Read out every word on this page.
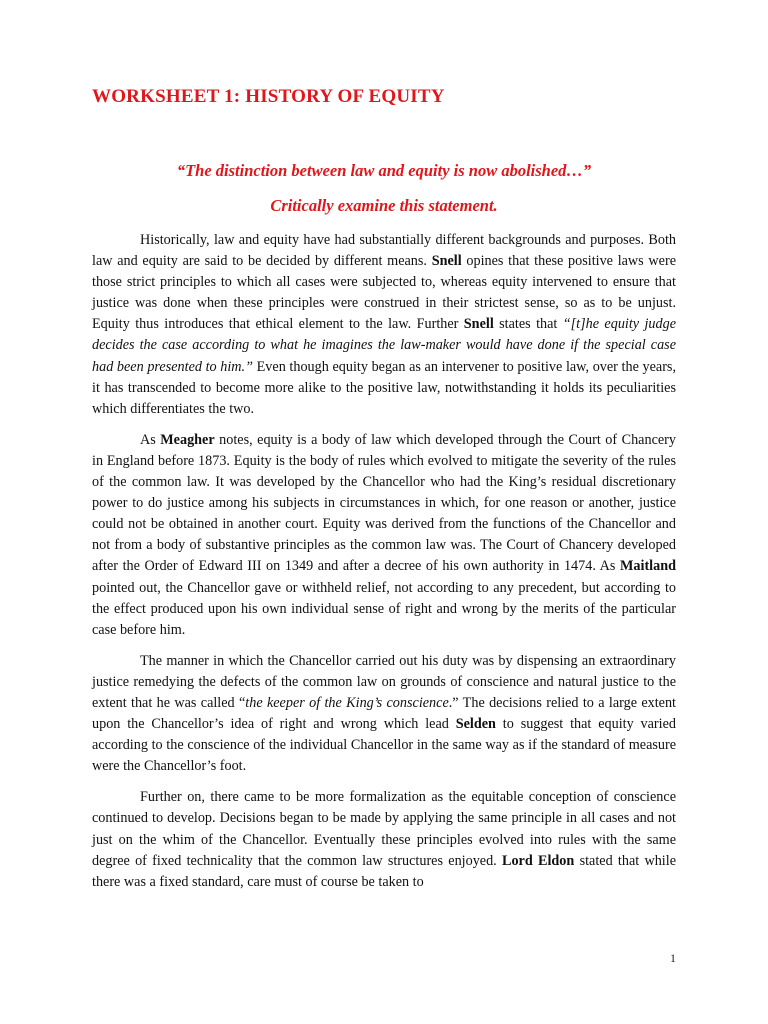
WORKSHEET 1: HISTORY OF EQUITY
“The distinction between law and equity is now abolished…”
Critically examine this statement.

Historically, law and equity have had substantially different backgrounds and purposes. Both law and equity are said to be decided by different means. Snell opines that these positive laws were those strict principles to which all cases were subjected to, whereas equity intervened to ensure that justice was done when these principles were construed in their strictest sense, so as to be unjust. Equity thus introduces that ethical element to the law. Further Snell states that “[t]he equity judge decides the case according to what he imagines the law-maker would have done if the special case had been presented to him.” Even though equity began as an intervener to positive law, over the years, it has transcended to become more alike to the positive law, notwithstanding it holds its peculiarities which differentiates the two.

As Meagher notes, equity is a body of law which developed through the Court of Chancery in England before 1873. Equity is the body of rules which evolved to mitigate the severity of the rules of the common law. It was developed by the Chancellor who had the King’s residual discretionary power to do justice among his subjects in circumstances in which, for one reason or another, justice could not be obtained in another court. Equity was derived from the functions of the Chancellor and not from a body of substantive principles as the common law was. The Court of Chancery developed after the Order of Edward III on 1349 and after a decree of his own authority in 1474. As Maitland pointed out, the Chancellor gave or withheld relief, not according to any precedent, but according to the effect produced upon his own individual sense of right and wrong by the merits of the particular case before him.

The manner in which the Chancellor carried out his duty was by dispensing an extraordinary justice remedying the defects of the common law on grounds of conscience and natural justice to the extent that he was called “the keeper of the King’s conscience.” The decisions relied to a large extent upon the Chancellor’s idea of right and wrong which lead Selden to suggest that equity varied according to the conscience of the individual Chancellor in the same way as if the standard of measure were the Chancellor’s foot.

Further on, there came to be more formalization as the equitable conception of conscience continued to develop. Decisions began to be made by applying the same principle in all cases and not just on the whim of the Chancellor. Eventually these principles evolved into rules with the same degree of fixed technicality that the common law structures enjoyed. Lord Eldon stated that while there was a fixed standard, care must of course be taken to

1
